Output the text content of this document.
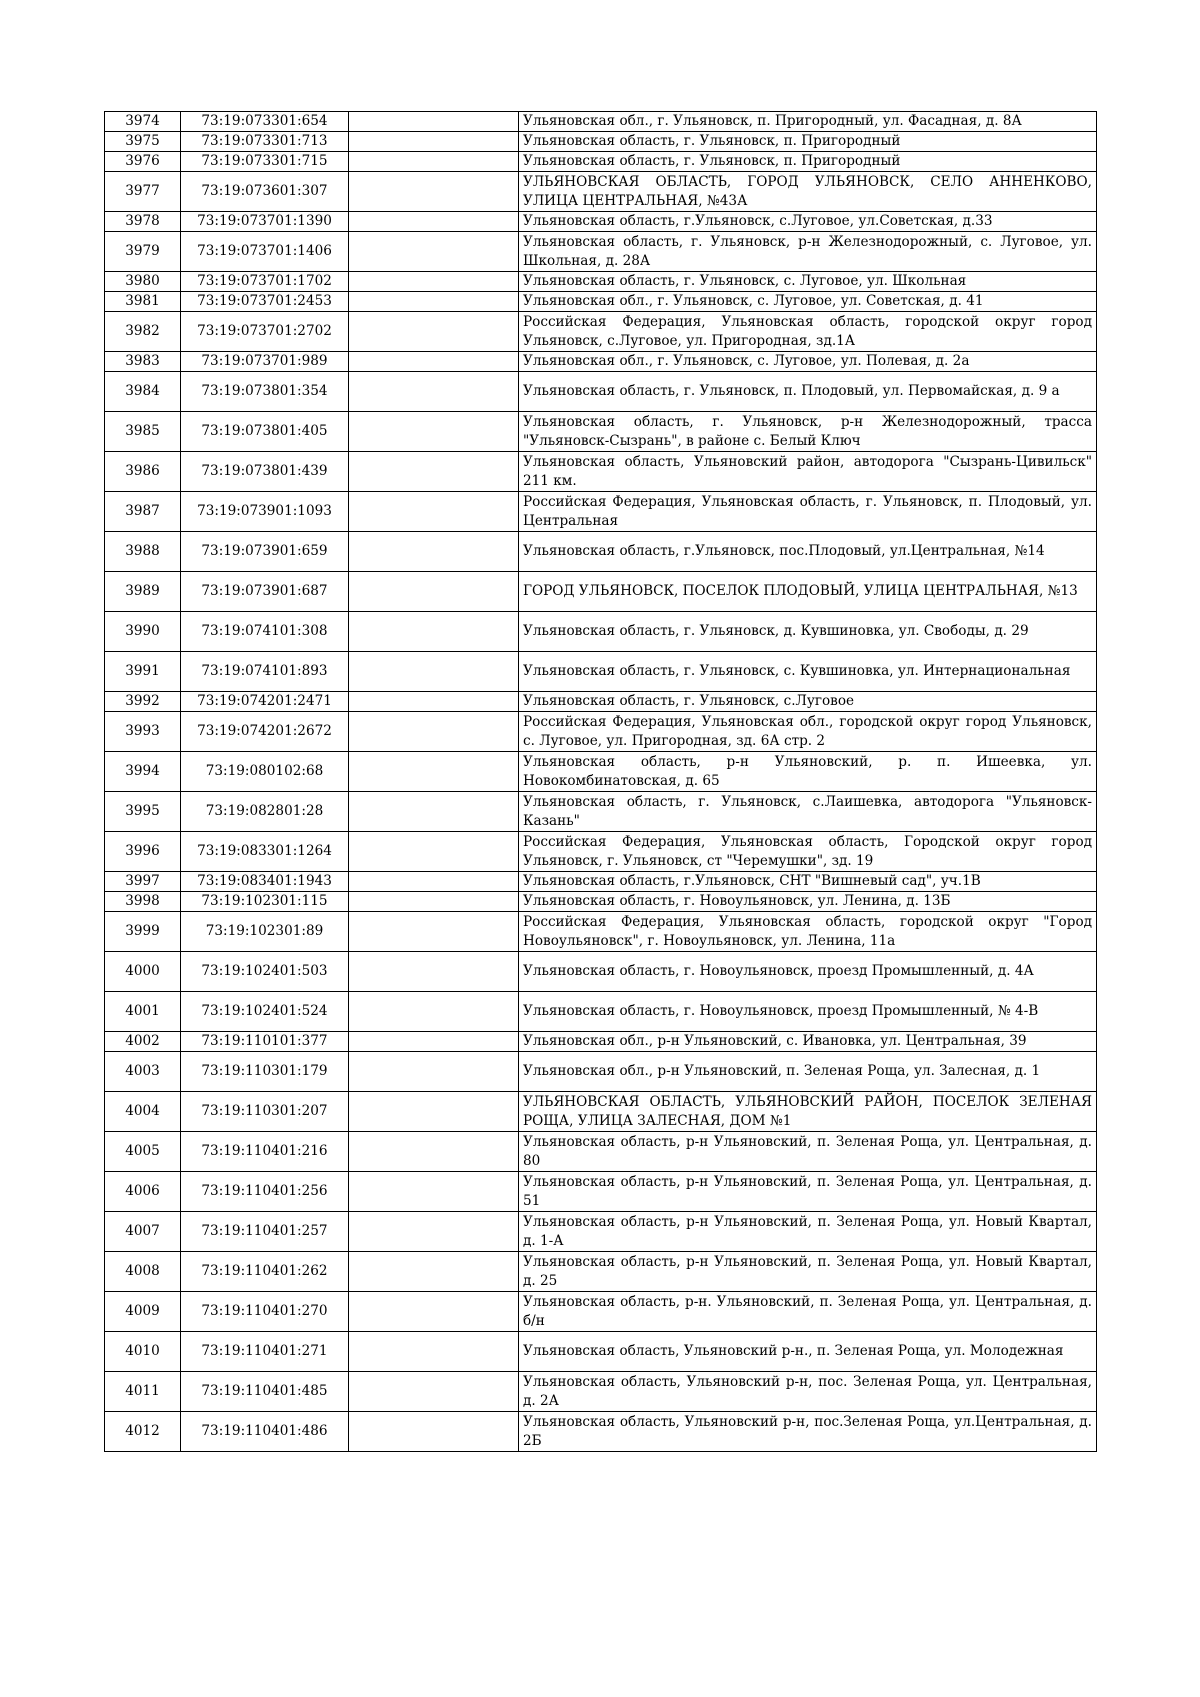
3974	73:19:073301:654		Ульяновская обл., г. Ульяновск, п. Пригородный, ул. Фасадная, д. 8А
3975	73:19:073301:713		Ульяновская область, г. Ульяновск, п. Пригородный
3976	73:19:073301:715		Ульяновская область, г. Ульяновск, п. Пригородный
3977	73:19:073601:307		УЛЬЯНОВСКАЯ ОБЛАСТЬ, ГОРОД УЛЬЯНОВСК, СЕЛО АННЕНКОВО, УЛИЦА ЦЕНТРАЛЬНАЯ, №43А
3978	73:19:073701:1390		Ульяновская область, г.Ульяновск, с.Луговое, ул.Советская, д.33
3979	73:19:073701:1406		Ульяновская область, г. Ульяновск, р-н Железнодорожный, с. Луговое, ул. Школьная, д. 28А
3980	73:19:073701:1702		Ульяновская область, г. Ульяновск, с. Луговое, ул. Школьная
3981	73:19:073701:2453		Ульяновская обл., г. Ульяновск, с. Луговое, ул. Советская, д. 41
3982	73:19:073701:2702		Российская Федерация, Ульяновская область, городской округ город Ульяновск, с.Луговое, ул. Пригородная, зд.1А
3983	73:19:073701:989		Ульяновская обл., г. Ульяновск, с. Луговое, ул. Полевая, д. 2а
3984	73:19:073801:354		Ульяновская область, г. Ульяновск, п. Плодовый, ул. Первомайская, д. 9 а
3985	73:19:073801:405		Ульяновская область, г. Ульяновск, р-н Железнодорожный, трасса "Ульяновск-Сызрань", в районе с. Белый Ключ
3986	73:19:073801:439		Ульяновская область, Ульяновский район, автодорога "Сызрань-Цивильск" 211 км.
3987	73:19:073901:1093		Российская Федерация, Ульяновская область, г. Ульяновск, п. Плодовый, ул. Центральная
3988	73:19:073901:659		Ульяновская область, г.Ульяновск, пос.Плодовый, ул.Центральная, №14
3989	73:19:073901:687		ГОРОД УЛЬЯНОВСК, ПОСЕЛОК ПЛОДОВЫЙ, УЛИЦА ЦЕНТРАЛЬНАЯ, №13
3990	73:19:074101:308		Ульяновская область, г. Ульяновск, д. Кувшиновка, ул. Свободы, д. 29
3991	73:19:074101:893		Ульяновская область, г. Ульяновск, с. Кувшиновка, ул. Интернациональная
3992	73:19:074201:2471		Ульяновская область, г. Ульяновск, с.Луговое
3993	73:19:074201:2672		Российская Федерация, Ульяновская обл., городской округ город Ульяновск, с. Луговое, ул. Пригородная, зд. 6А стр. 2
3994	73:19:080102:68		Ульяновская область, р-н Ульяновский, р. п. Ишеевка, ул. Новокомбинатовская, д. 65
3995	73:19:082801:28		Ульяновская область, г. Ульяновск, с.Лаишевка, автодорога "Ульяновск-Казань"
3996	73:19:083301:1264		Российская Федерация, Ульяновская область, Городской округ город Ульяновск, г. Ульяновск, ст "Черемушки", зд. 19
3997	73:19:083401:1943		Ульяновская область, г.Ульяновск, СНТ "Вишневый сад", уч.1В
3998	73:19:102301:115		Ульяновская область, г. Новоульяновск, ул. Ленина, д. 13Б
3999	73:19:102301:89		Российская Федерация, Ульяновская область, городской округ "Город Новоульяновск", г. Новоульяновск, ул. Ленина, 11а
4000	73:19:102401:503		Ульяновская область, г. Новоульяновск, проезд Промышленный, д. 4А
4001	73:19:102401:524		Ульяновская область, г. Новоульяновск, проезд Промышленный, № 4-В
4002	73:19:110101:377		Ульяновская обл., р-н Ульяновский, с. Ивановка, ул. Центральная, 39
4003	73:19:110301:179		Ульяновская обл., р-н Ульяновский, п. Зеленая Роща, ул. Залесная, д. 1
4004	73:19:110301:207		УЛЬЯНОВСКАЯ ОБЛАСТЬ, УЛЬЯНОВСКИЙ РАЙОН, ПОСЕЛОК ЗЕЛЕНАЯ РОЩА, УЛИЦА ЗАЛЕСНАЯ, ДОМ №1
4005	73:19:110401:216		Ульяновская область, р-н Ульяновский, п. Зеленая Роща, ул. Центральная, д. 80
4006	73:19:110401:256		Ульяновская область, р-н Ульяновский, п. Зеленая Роща, ул. Центральная, д. 51
4007	73:19:110401:257		Ульяновская область, р-н Ульяновский, п. Зеленая Роща, ул. Новый Квартал, д. 1-А
4008	73:19:110401:262		Ульяновская область, р-н Ульяновский, п. Зеленая Роща, ул. Новый Квартал, д. 25
4009	73:19:110401:270		Ульяновская область, р-н. Ульяновский, п. Зеленая Роща, ул. Центральная, д. б/н
4010	73:19:110401:271		Ульяновская область, Ульяновский р-н., п. Зеленая Роща, ул. Молодежная
4011	73:19:110401:485		Ульяновская область, Ульяновский р-н, пос. Зеленая Роща, ул. Центральная, д. 2А
4012	73:19:110401:486		Ульяновская область, Ульяновский р-н, пос.Зеленая Роща, ул.Центральная, д. 2Б
